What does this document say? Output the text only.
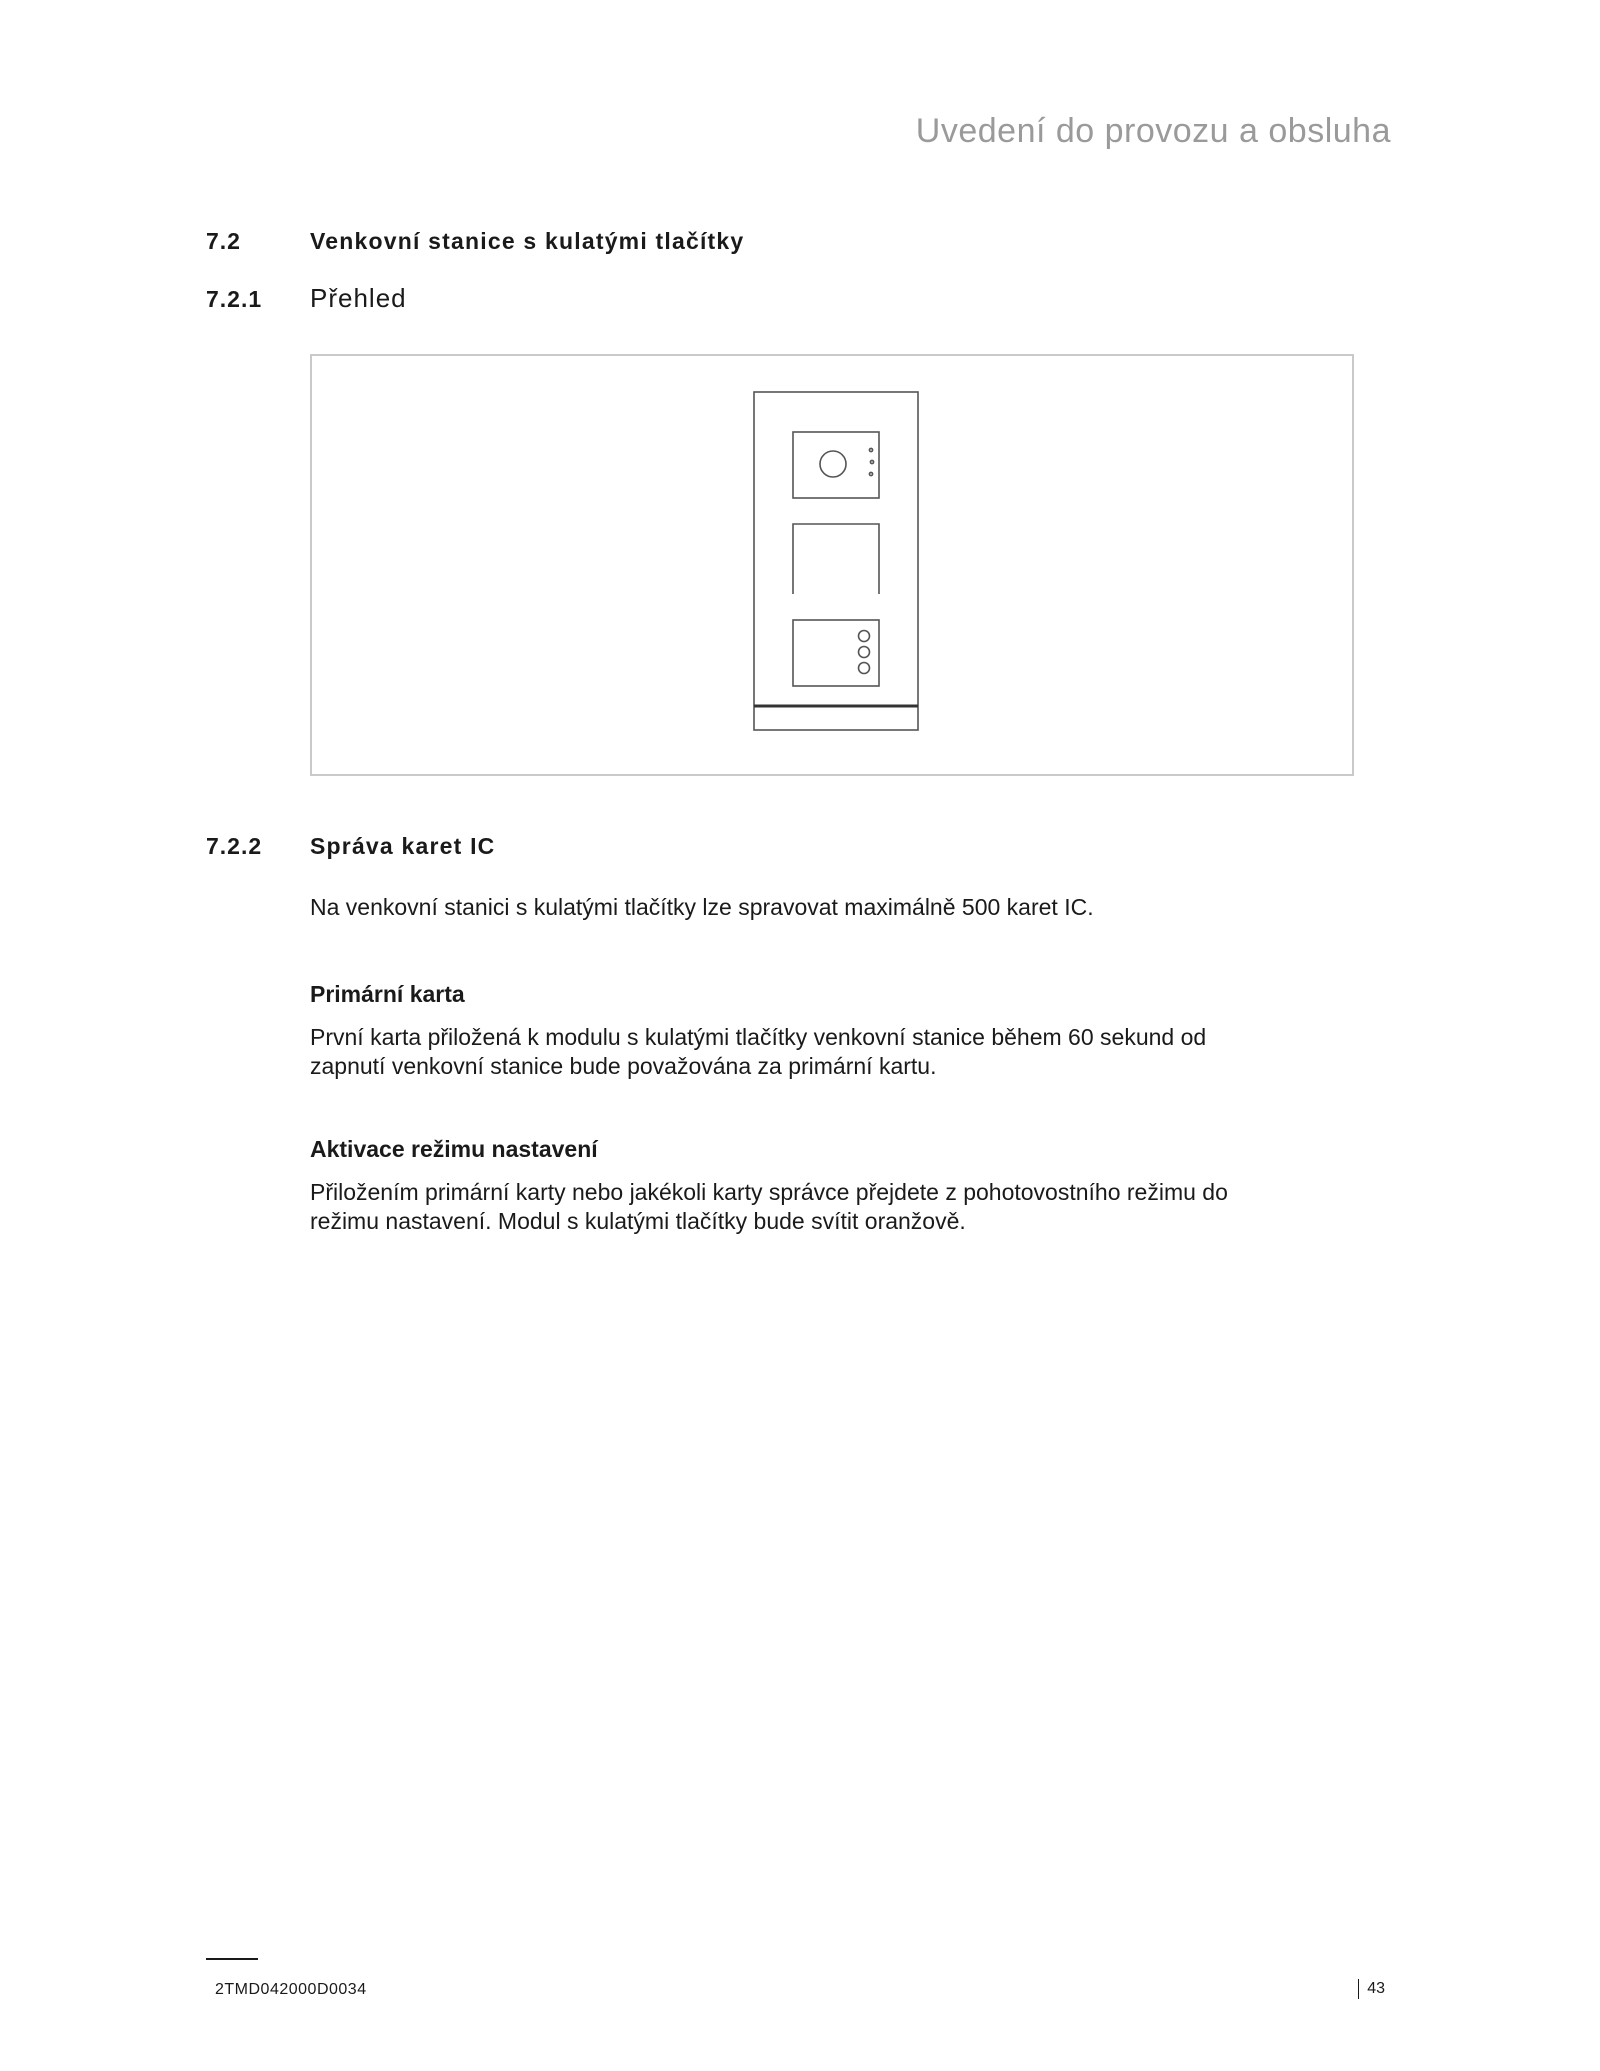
Uvedení do provozu a obsluha
7.2	Venkovní stanice s kulatými tlačítky
7.2.1	Přehled
7.2.2	Správa karet IC
Na venkovní stanici s kulatými tlačítky lze spravovat maximálně 500 karet IC.
Primární karta
První karta přiložená k modulu s kulatými tlačítky venkovní stanice během 60 sekund od
zapnutí venkovní stanice bude považována za primární kartu.
Aktivace režimu nastavení
Přiložením primární karty nebo jakékoli karty správce přejdete z pohotovostního režimu do
režimu nastavení. Modul s kulatými tlačítky bude svítit oranžově.
2TMD042000D0034	43
